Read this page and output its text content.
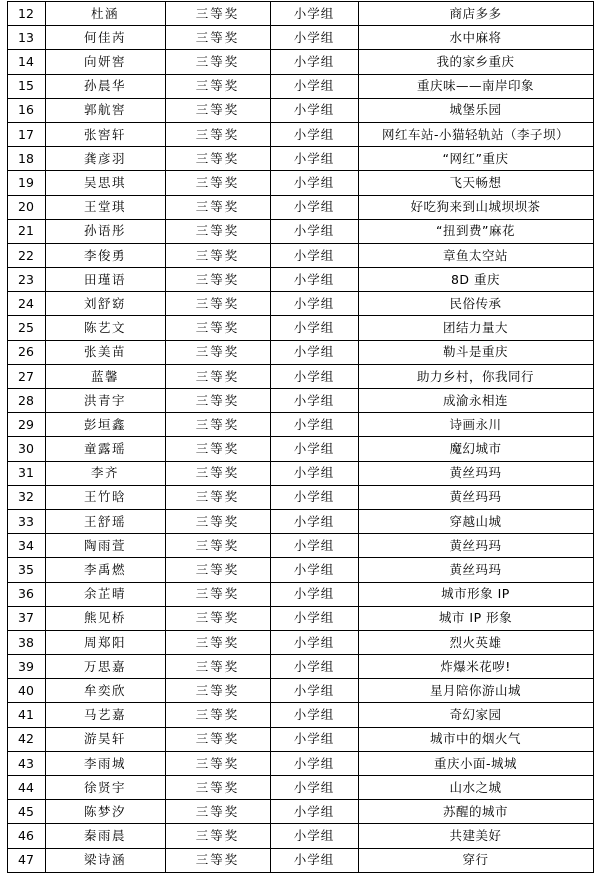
12	杜涵	三等奖	小学组	商店多多
13	何佳芮	三等奖	小学组	水中麻将
14	向妍窖	三等奖	小学组	我的家乡重庆
15	孙晨华	三等奖	小学组	重庆味——南岸印象
16	郭航窖	三等奖	小学组	城堡乐园
17	张窖轩	三等奖	小学组	网红车站-小猫轻轨站（李子坝）
18	龚彦羽	三等奖	小学组	“网红”重庆
19	吴思琪	三等奖	小学组	飞天畅想
20	王堂琪	三等奖	小学组	好吃狗来到山城坝坝茶
21	孙语彤	三等奖	小学组	“扭到费”麻花
22	李俊勇	三等奖	小学组	章鱼太空站
23	田瑾语	三等奖	小学组	8D 重庆
24	刘舒窈	三等奖	小学组	民俗传承
25	陈艺文	三等奖	小学组	团结力量大
26	张美苗	三等奖	小学组	勒斗是重庆
27	蓝馨	三等奖	小学组	助力乡村，你我同行
28	洪青宇	三等奖	小学组	成渝永相连
29	彭垣鑫	三等奖	小学组	诗画永川
30	童露瑶	三等奖	小学组	魔幻城市
31	李齐	三等奖	小学组	黄丝玛玛
32	王竹晗	三等奖	小学组	黄丝玛玛
33	王舒瑶	三等奖	小学组	穿越山城
34	陶雨萱	三等奖	小学组	黄丝玛玛
35	李禹燃	三等奖	小学组	黄丝玛玛
36	余芷晴	三等奖	小学组	城市形象 IP
37	熊见桥	三等奖	小学组	城市 IP 形象
38	周郑阳	三等奖	小学组	烈火英雄
39	万思嘉	三等奖	小学组	炸爆米花哕!
40	牟奕欣	三等奖	小学组	星月陪你游山城
41	马艺嘉	三等奖	小学组	奇幻家园
42	游昊轩	三等奖	小学组	城市中的烟火气
43	李雨城	三等奖	小学组	重庆小面-城城
44	徐贤宇	三等奖	小学组	山水之城
45	陈梦汐	三等奖	小学组	苏醒的城市
46	秦雨晨	三等奖	小学组	共建美好
47	梁诗涵	三等奖	小学组	穿行
